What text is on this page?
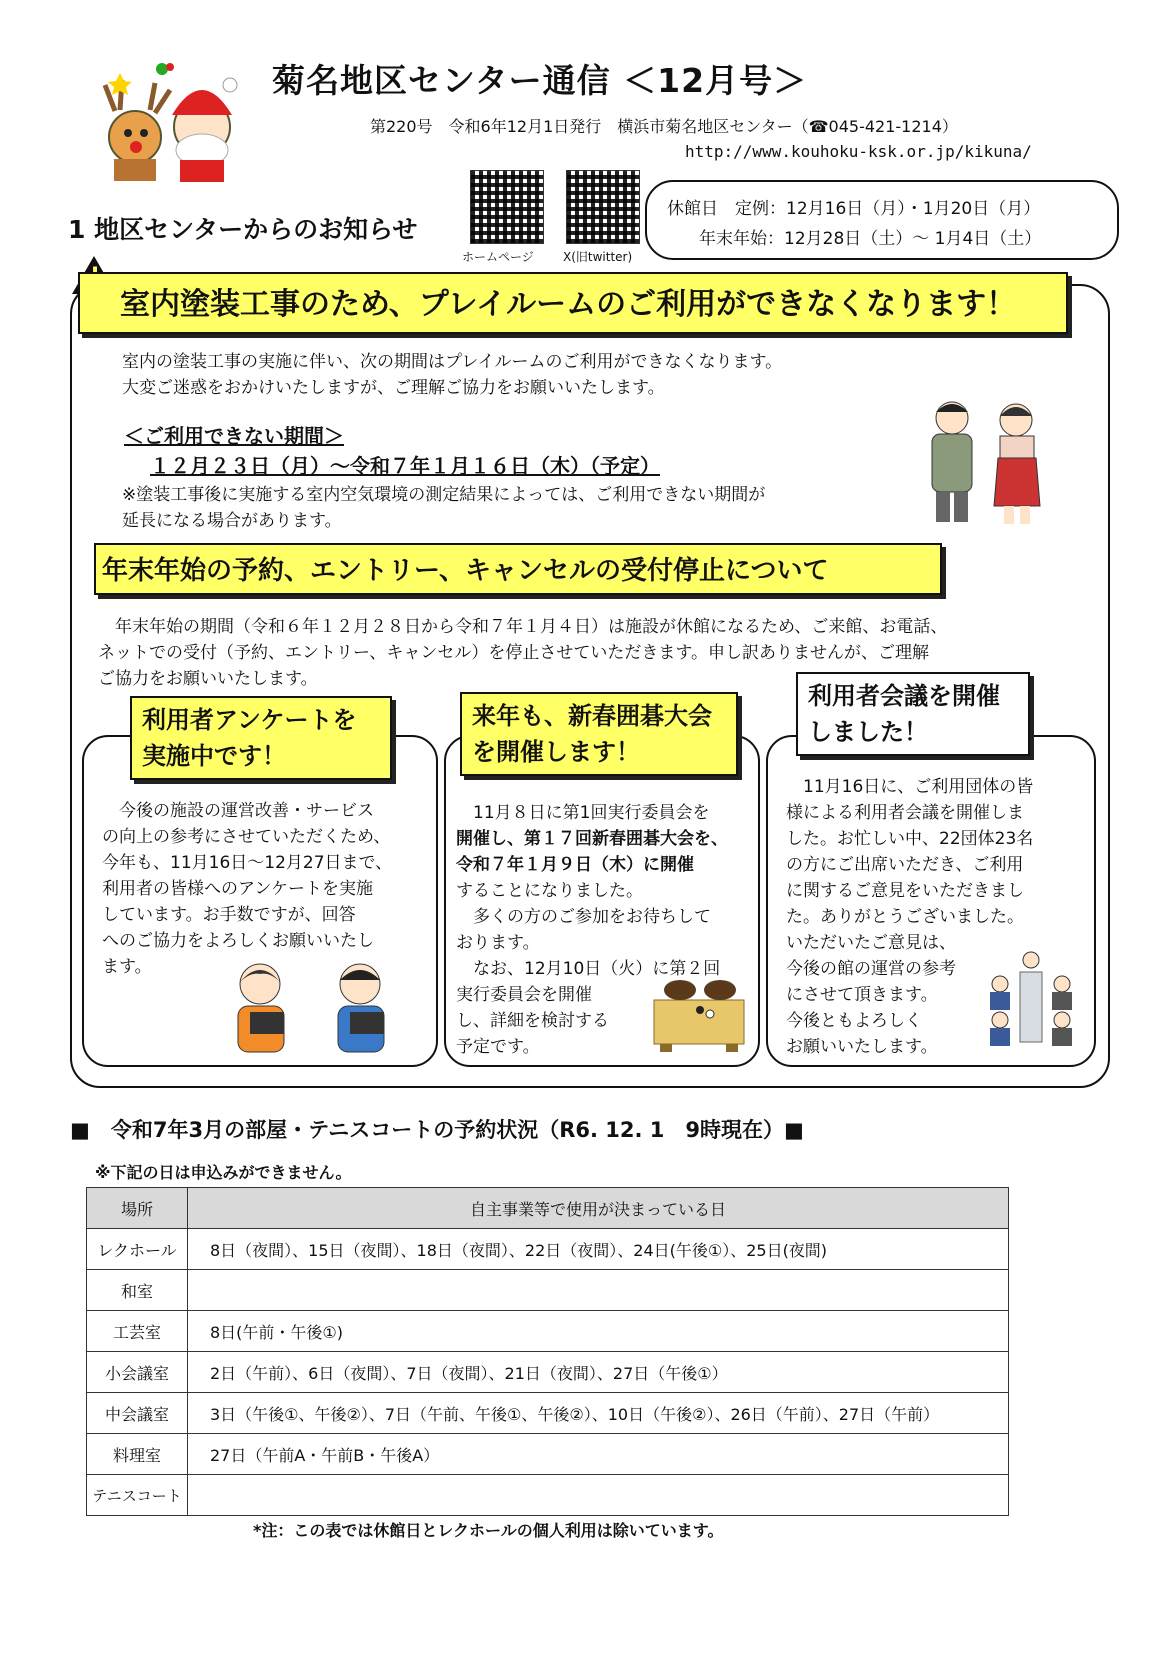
菊名地区センター通信 ＜12月号＞
第220号　令和6年12月1日発行　横浜市菊名地区センター（☎045-421-1214）
http://www.kouhoku-ksk.or.jp/kikuna/
ホームページ X(旧twitter)
休館日　定例：12月16日（月）・1月20日（月）
年末年始：12月28日（土）～ 1月4日（土）
1 地区センターからのお知らせ
室内塗装工事のため、プレイルームのご利用ができなくなります！
室内の塗装工事の実施に伴い、次の期間はプレイルームのご利用ができなくなります。
大変ご迷惑をおかけいたしますが、ご理解ご協力をお願いいたします。
＜ご利用できない期間＞
１２月２３日（月）～令和７年１月１６日（木）（予定）
※塗装工事後に実施する室内空気環境の測定結果によっては、ご利用できない期間が
延長になる場合があります。
年末年始の予約、エントリー、キャンセルの受付停止について
　年末年始の期間（令和６年１２月２８日から令和７年１月４日）は施設が休館になるため、ご来館、お電話、
ネットでの受付（予約、エントリー、キャンセル）を停止させていただきます。申し訳ありませんが、ご理解
ご協力をお願いいたします。
利用者アンケートを
実施中です！
　今後の施設の運営改善・サービス
の向上の参考にさせていただくため、
今年も、11月16日～12月27日まで、
利用者の皆様へのアンケートを実施
しています。お手数ですが、回答
へのご協力をよろしくお願いいたし
ます。
来年も、新春囲碁大会
を開催します！
　11月８日に第1回実行委員会を
開催し、第１７回新春囲碁大会を、
令和７年１月９日（木）に開催
することになりました。
　多くの方のご参加をお待ちして
おります。
　なお、12月10日（火）に第２回
実行委員会を開催
し、詳細を検討する
予定です。
利用者会議を開催
しました！
　11月16日に、ご利用団体の皆
様による利用者会議を開催しま
した。お忙しい中、22団体23名
の方にご出席いただき、ご利用
に関するご意見をいただきまし
た。ありがとうございました。
いただいたご意見は、
今後の館の運営の参考
にさせて頂きます。
今後ともよろしく
お願いいたします。
■　令和7年3月の部屋・テニスコートの予約状況（R6. 12. 1　9時現在）■
※下記の日は申込みができません。
場所	自主事業等で使用が決まっている日
レクホール	8日（夜間）、15日（夜間）、18日（夜間）、22日（夜間）、24日(午後①）、25日(夜間)
和室	
工芸室	8日(午前・午後①)
小会議室	2日（午前）、6日（夜間）、7日（夜間）、21日（夜間）、27日（午後①）
中会議室	3日（午後①、午後②）、7日（午前、午後①、午後②）、10日（午後②）、26日（午前）、27日（午前）
料理室	27日（午前A・午前B・午後A）
テニスコート	
*注：この表では休館日とレクホールの個人利用は除いています。
